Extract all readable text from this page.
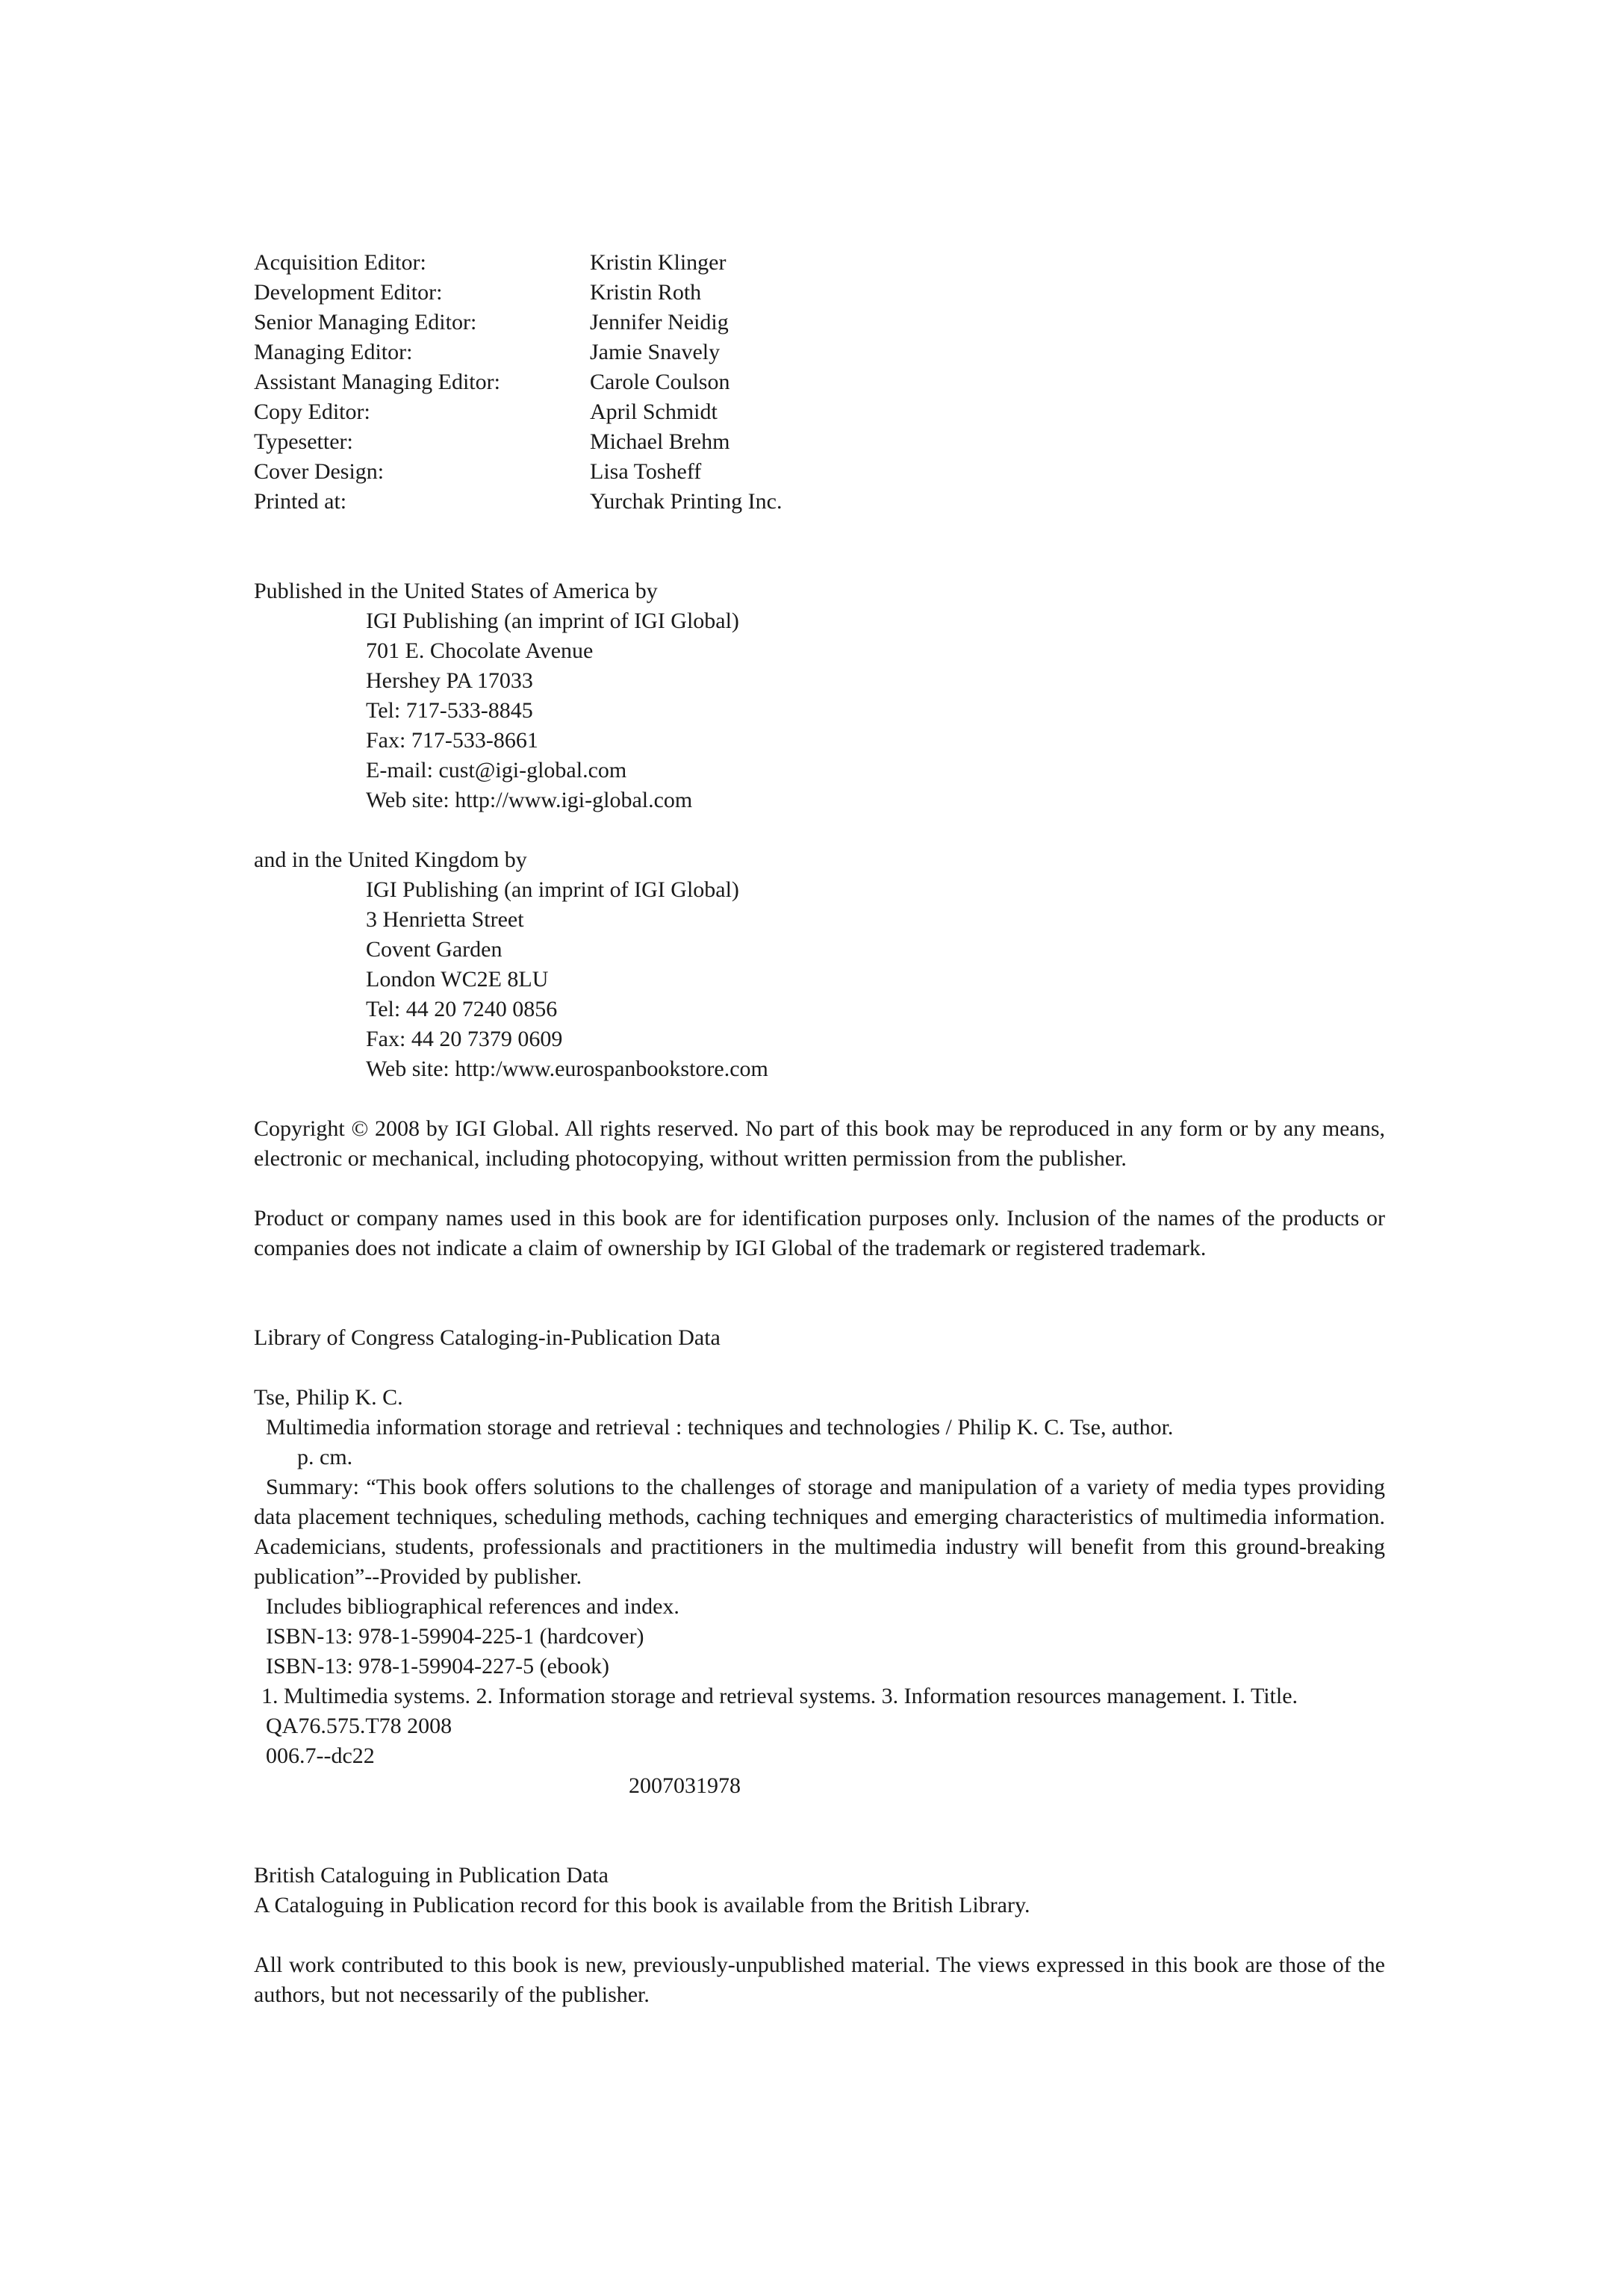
Acquisition Editor:	Kristin Klinger
Development Editor:	Kristin Roth
Senior Managing Editor:	Jennifer Neidig
Managing Editor:	Jamie Snavely
Assistant Managing Editor:	Carole Coulson
Copy Editor:	April Schmidt
Typesetter:	Michael Brehm
Cover Design:	Lisa Tosheff
Printed at:	Yurchak Printing Inc.
Published in the United States of America by
IGI Publishing (an imprint of IGI Global)
701 E. Chocolate Avenue
Hershey PA 17033
Tel: 717-533-8845
Fax: 717-533-8661
E-mail: cust@igi-global.com
Web site: http://www.igi-global.com
and in the United Kingdom by
IGI Publishing (an imprint of IGI Global)
3 Henrietta Street
Covent Garden
London WC2E 8LU
Tel: 44 20 7240 0856
Fax: 44 20 7379 0609
Web site: http:/www.eurospanbookstore.com
Copyright © 2008 by IGI Global. All rights reserved. No part of this book may be reproduced in any form or by any means, electronic or mechanical, including photocopying, without written permission from the publisher.
Product or company names used in this book are for identification purposes only. Inclusion of the names of the products or companies does not indicate a claim of ownership by IGI Global of the trademark or registered trademark.
Library of Congress Cataloging-in-Publication Data
Tse, Philip K. C.
Multimedia information storage and retrieval : techniques and technologies / Philip K. C. Tse, author.
p. cm.
Summary: “This book offers solutions to the challenges of storage and manipulation of a variety of media types providing data placement techniques, scheduling methods, caching techniques and emerging characteristics of multimedia information. Academicians, students, professionals and practitioners in the multimedia industry will benefit from this ground-breaking publication”--Provided by publisher.
Includes bibliographical references and index.
ISBN-13: 978-1-59904-225-1 (hardcover)
ISBN-13: 978-1-59904-227-5 (ebook)
1. Multimedia systems. 2. Information storage and retrieval systems. 3. Information resources management. I. Title.
QA76.575.T78 2008
006.7--dc22
2007031978
British Cataloguing in Publication Data
A Cataloguing in Publication record for this book is available from the British Library.
All work contributed to this book is new, previously-unpublished material. The views expressed in this book are those of the authors, but not necessarily of the publisher.
